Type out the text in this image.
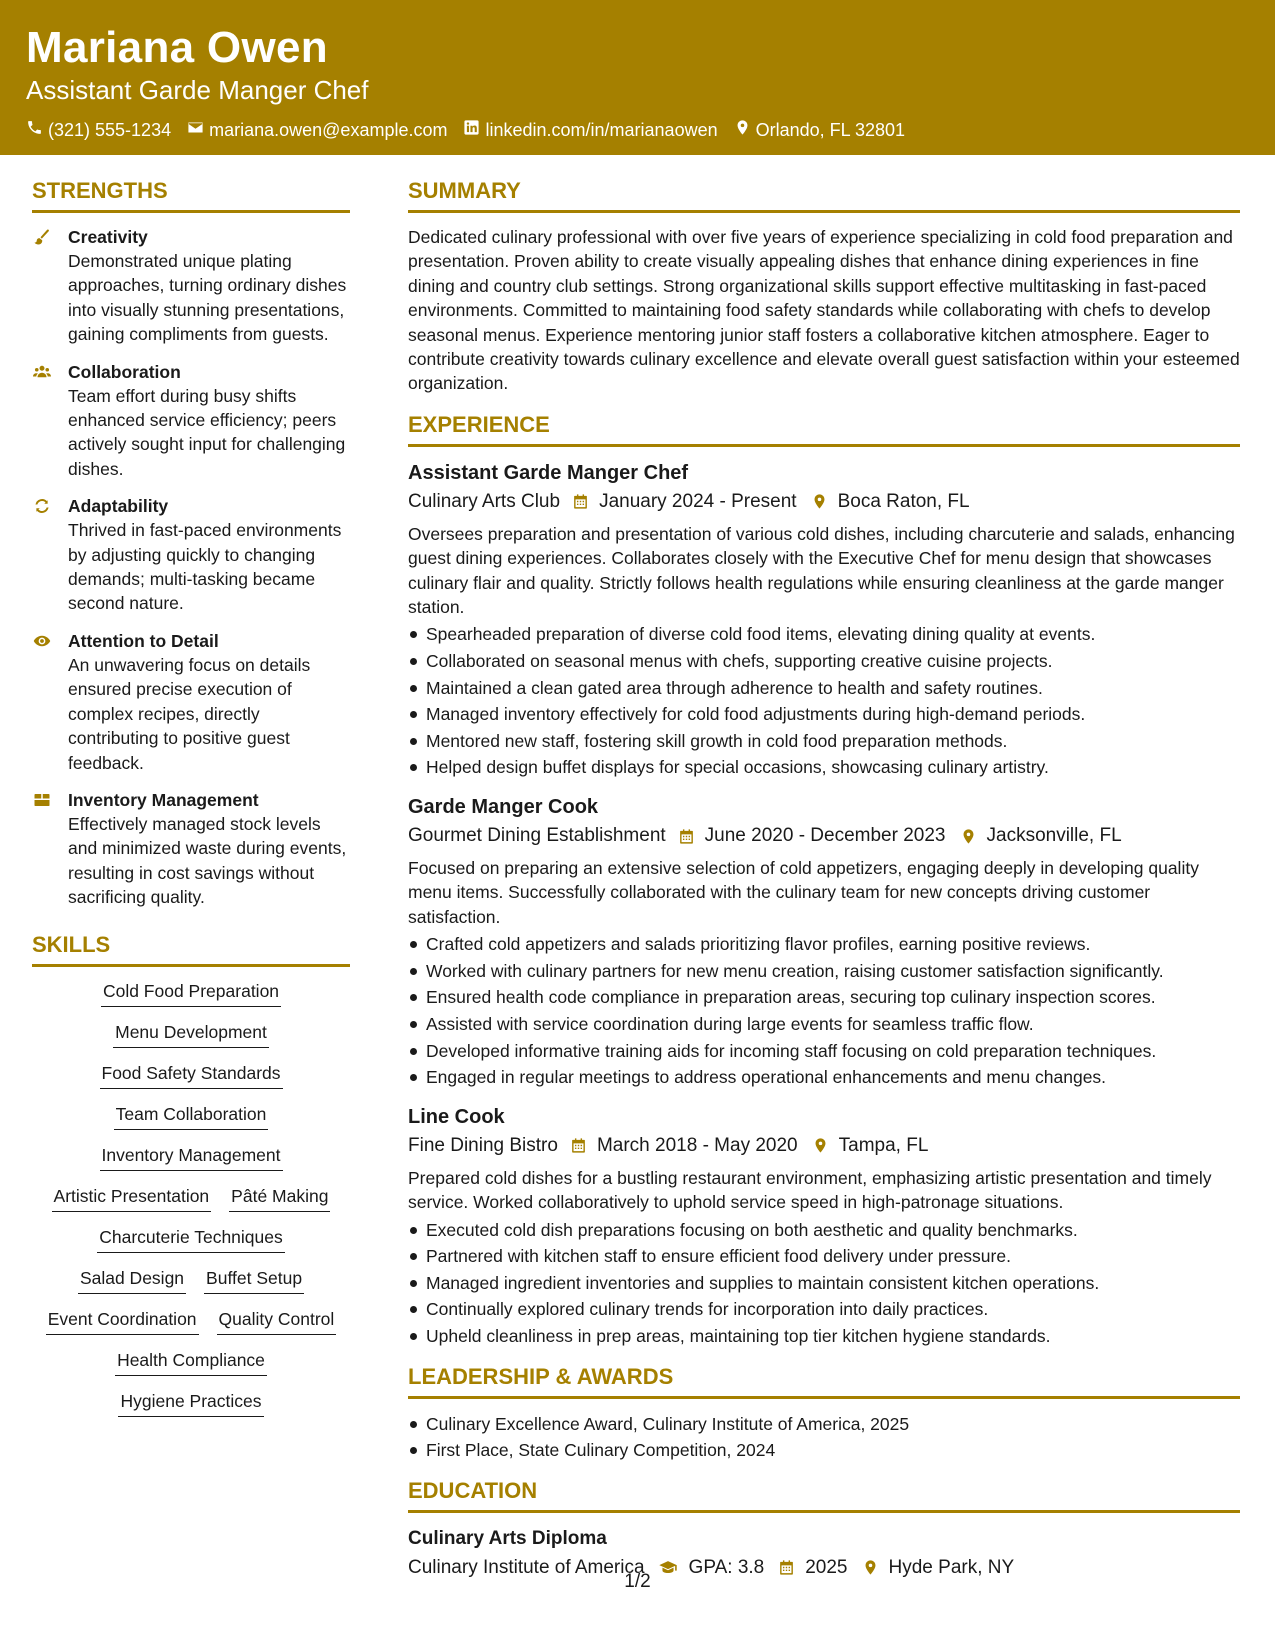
Mariana Owen
Assistant Garde Manger Chef
(321) 555-1234 mariana.owen@example.com linkedin.com/in/marianaowen Orlando, FL 32801
STRENGTHS
Creativity
Demonstrated unique plating approaches, turning ordinary dishes into visually stunning presentations, gaining compliments from guests.
Collaboration
Team effort during busy shifts enhanced service efficiency; peers actively sought input for challenging dishes.
Adaptability
Thrived in fast-paced environments by adjusting quickly to changing demands; multi-tasking became second nature.
Attention to Detail
An unwavering focus on details ensured precise execution of complex recipes, directly contributing to positive guest feedback.
Inventory Management
Effectively managed stock levels and minimized waste during events, resulting in cost savings without sacrificing quality.
SKILLS
Cold Food Preparation
Menu Development
Food Safety Standards
Team Collaboration
Inventory Management
Artistic Presentation Pâté Making
Charcuterie Techniques
Salad Design Buffet Setup
Event Coordination Quality Control
Health Compliance
Hygiene Practices
SUMMARY
Dedicated culinary professional with over five years of experience specializing in cold food preparation and presentation. Proven ability to create visually appealing dishes that enhance dining experiences in fine dining and country club settings. Strong organizational skills support effective multitasking in fast-paced environments. Committed to maintaining food safety standards while collaborating with chefs to develop seasonal menus. Experience mentoring junior staff fosters a collaborative kitchen atmosphere. Eager to contribute creativity towards culinary excellence and elevate overall guest satisfaction within your esteemed organization.
EXPERIENCE
Assistant Garde Manger Chef
Culinary Arts Club January 2024 - Present Boca Raton, FL
Oversees preparation and presentation of various cold dishes, including charcuterie and salads, enhancing guest dining experiences. Collaborates closely with the Executive Chef for menu design that showcases culinary flair and quality. Strictly follows health regulations while ensuring cleanliness at the garde manger station.
Spearheaded preparation of diverse cold food items, elevating dining quality at events.
Collaborated on seasonal menus with chefs, supporting creative cuisine projects.
Maintained a clean gated area through adherence to health and safety routines.
Managed inventory effectively for cold food adjustments during high-demand periods.
Mentored new staff, fostering skill growth in cold food preparation methods.
Helped design buffet displays for special occasions, showcasing culinary artistry.
Garde Manger Cook
Gourmet Dining Establishment June 2020 - December 2023 Jacksonville, FL
Focused on preparing an extensive selection of cold appetizers, engaging deeply in developing quality menu items. Successfully collaborated with the culinary team for new concepts driving customer satisfaction.
Crafted cold appetizers and salads prioritizing flavor profiles, earning positive reviews.
Worked with culinary partners for new menu creation, raising customer satisfaction significantly.
Ensured health code compliance in preparation areas, securing top culinary inspection scores.
Assisted with service coordination during large events for seamless traffic flow.
Developed informative training aids for incoming staff focusing on cold preparation techniques.
Engaged in regular meetings to address operational enhancements and menu changes.
Line Cook
Fine Dining Bistro March 2018 - May 2020 Tampa, FL
Prepared cold dishes for a bustling restaurant environment, emphasizing artistic presentation and timely service. Worked collaboratively to uphold service speed in high-patronage situations.
Executed cold dish preparations focusing on both aesthetic and quality benchmarks.
Partnered with kitchen staff to ensure efficient food delivery under pressure.
Managed ingredient inventories and supplies to maintain consistent kitchen operations.
Continually explored culinary trends for incorporation into daily practices.
Upheld cleanliness in prep areas, maintaining top tier kitchen hygiene standards.
LEADERSHIP & AWARDS
Culinary Excellence Award, Culinary Institute of America, 2025
First Place, State Culinary Competition, 2024
EDUCATION
Culinary Arts Diploma
Culinary Institute of America GPA: 3.8 2025 Hyde Park, NY
1/2
